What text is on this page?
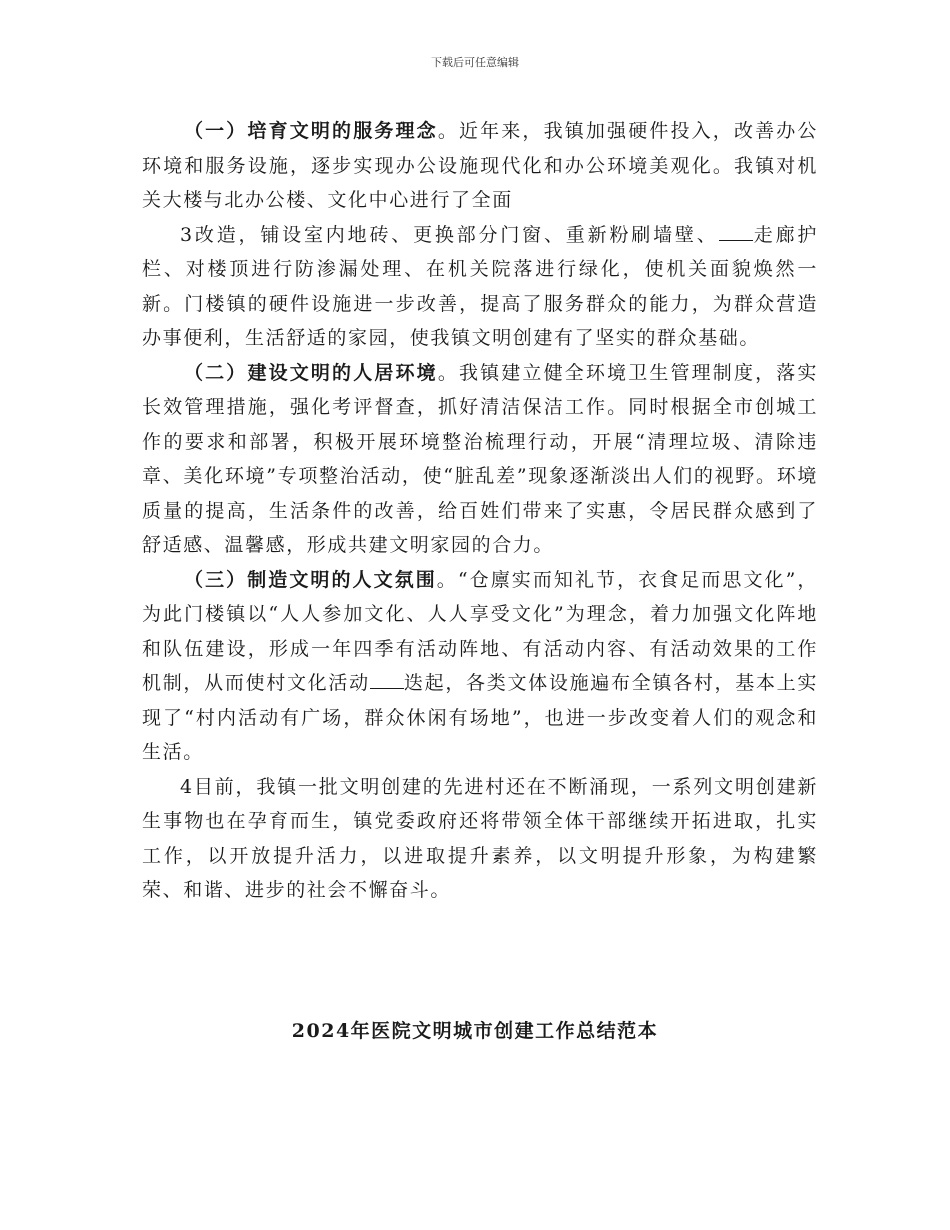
下载后可任意编辑

（一）培育文明的服务理念。近年来，我镇加强硬件投入，改善办公环境和服务设施，逐步实现办公设施现代化和办公环境美观化。我镇对机关大楼与北办公楼、文化中心进行了全面

3改造，铺设室内地砖、更换部分门窗、重新粉刷墙壁、 走廊护栏、对楼顶进行防渗漏处理、在机关院落进行绿化，使机关面貌焕然一新。门楼镇的硬件设施进一步改善，提高了服务群众的能力，为群众营造办事便利，生活舒适的家园，使我镇文明创建有了坚实的群众基础。

（二）建设文明的人居环境。我镇建立健全环境卫生管理制度，落实长效管理措施，强化考评督查，抓好清洁保洁工作。同时根据全市创城工作的要求和部署，积极开展环境整治梳理行动，开展“清理垃圾、清除违章、美化环境”专项整治活动，使“脏乱差”现象逐渐淡出人们的视野。环境质量的提高，生活条件的改善，给百姓们带来了实惠，令居民群众感到了舒适感、温馨感，形成共建文明家园的合力。

（三）制造文明的人文氛围。“仓廪实而知礼节，衣食足而思文化”，为此门楼镇以“人人参加文化、人人享受文化”为理念，着力加强文化阵地和队伍建设，形成一年四季有活动阵地、有活动内容、有活动效果的工作机制，从而使村文化活动 迭起，各类文体设施遍布全镇各村，基本上实现了“村内活动有广场，群众休闲有场地”，也进一步改变着人们的观念和生活。

4目前，我镇一批文明创建的先进村还在不断涌现，一系列文明创建新生事物也在孕育而生，镇党委政府还将带领全体干部继续开拓进取，扎实工作，以开放提升活力，以进取提升素养，以文明提升形象，为构建繁荣、和谐、进步的社会不懈奋斗。

2024年医院文明城市创建工作总结范本
